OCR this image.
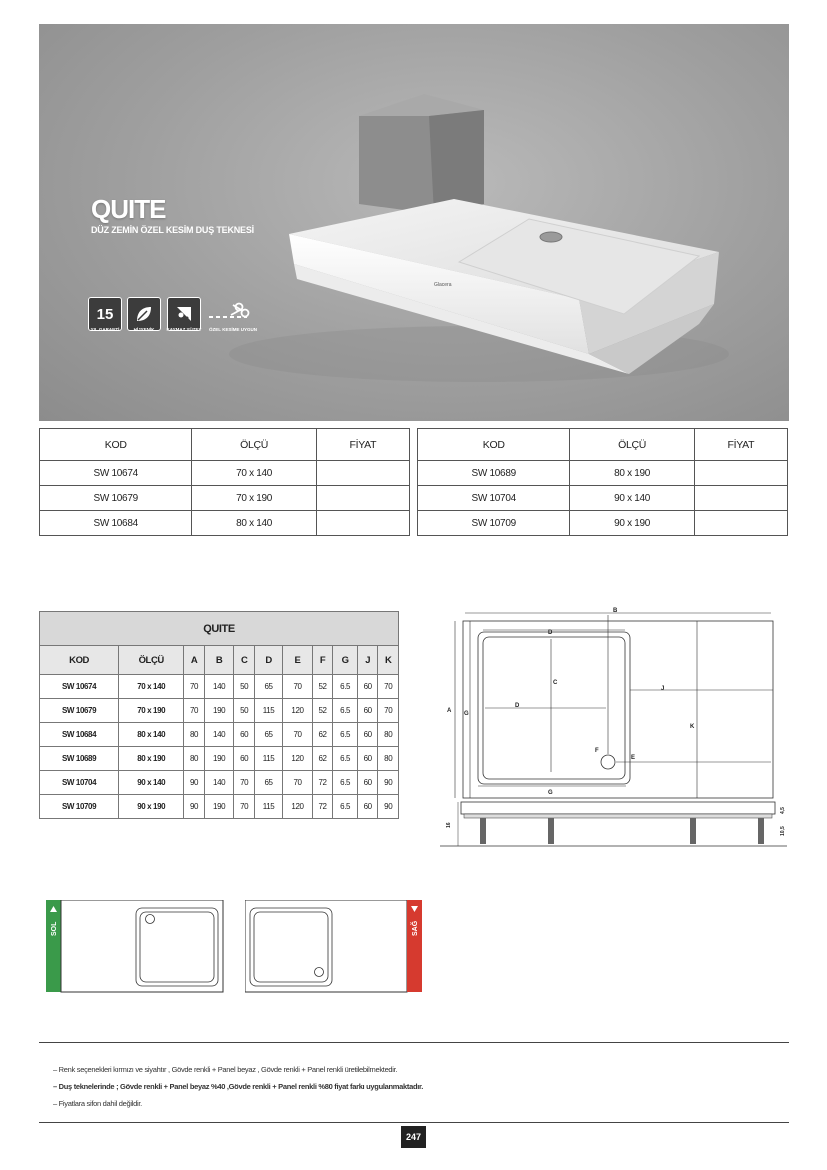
Glacera
QUITE
DÜZ ZEMİN ÖZEL KESİM DUŞ TEKNESİ
15
YIL GARANTİ	HİJYENİK	KAYMAZ YÜZEY	ÖZEL KESİME UYGUN
KOD	ÖLÇÜ	FİYAT
SW 10674	70 x 140	
SW 10679	70 x 190	
SW 10684	80 x 140	
KOD	ÖLÇÜ	FİYAT
SW 10689	80 x 190	
SW 10704	90 x 140	
SW 10709	90 x 190	
QUITE										
KOD	ÖLÇÜ	A	B	C	D	E	F	G	J	K
SW 10674	70 x 140	70	140	50	65	70	52	6.5	60	70
SW 10679	70 x 190	70	190	50	115	120	52	6.5	60	70
SW 10684	80 x 140	80	140	60	65	70	62	6.5	60	80
SW 10689	80 x 190	80	190	60	115	120	62	6.5	60	80
SW 10704	90 x 140	90	140	70	65	70	72	6.5	60	90
SW 10709	90 x 190	90	190	70	115	120	72	6.5	60	90
B
A G
D
C
D
F
E
J
K
G
16
4,5
10,5
SOL	SAĞ
– Renk seçenekleri kırmızı ve siyahtır , Gövde renkli + Panel beyaz , Gövde renkli + Panel renkli üretilebilmektedir.
– Duş teknelerinde ; Gövde renkli + Panel beyaz %40 ,Gövde renkli + Panel renkli %80 fiyat farkı uygulanmaktadır.
– Fiyatlara sifon dahil değildir.
247
